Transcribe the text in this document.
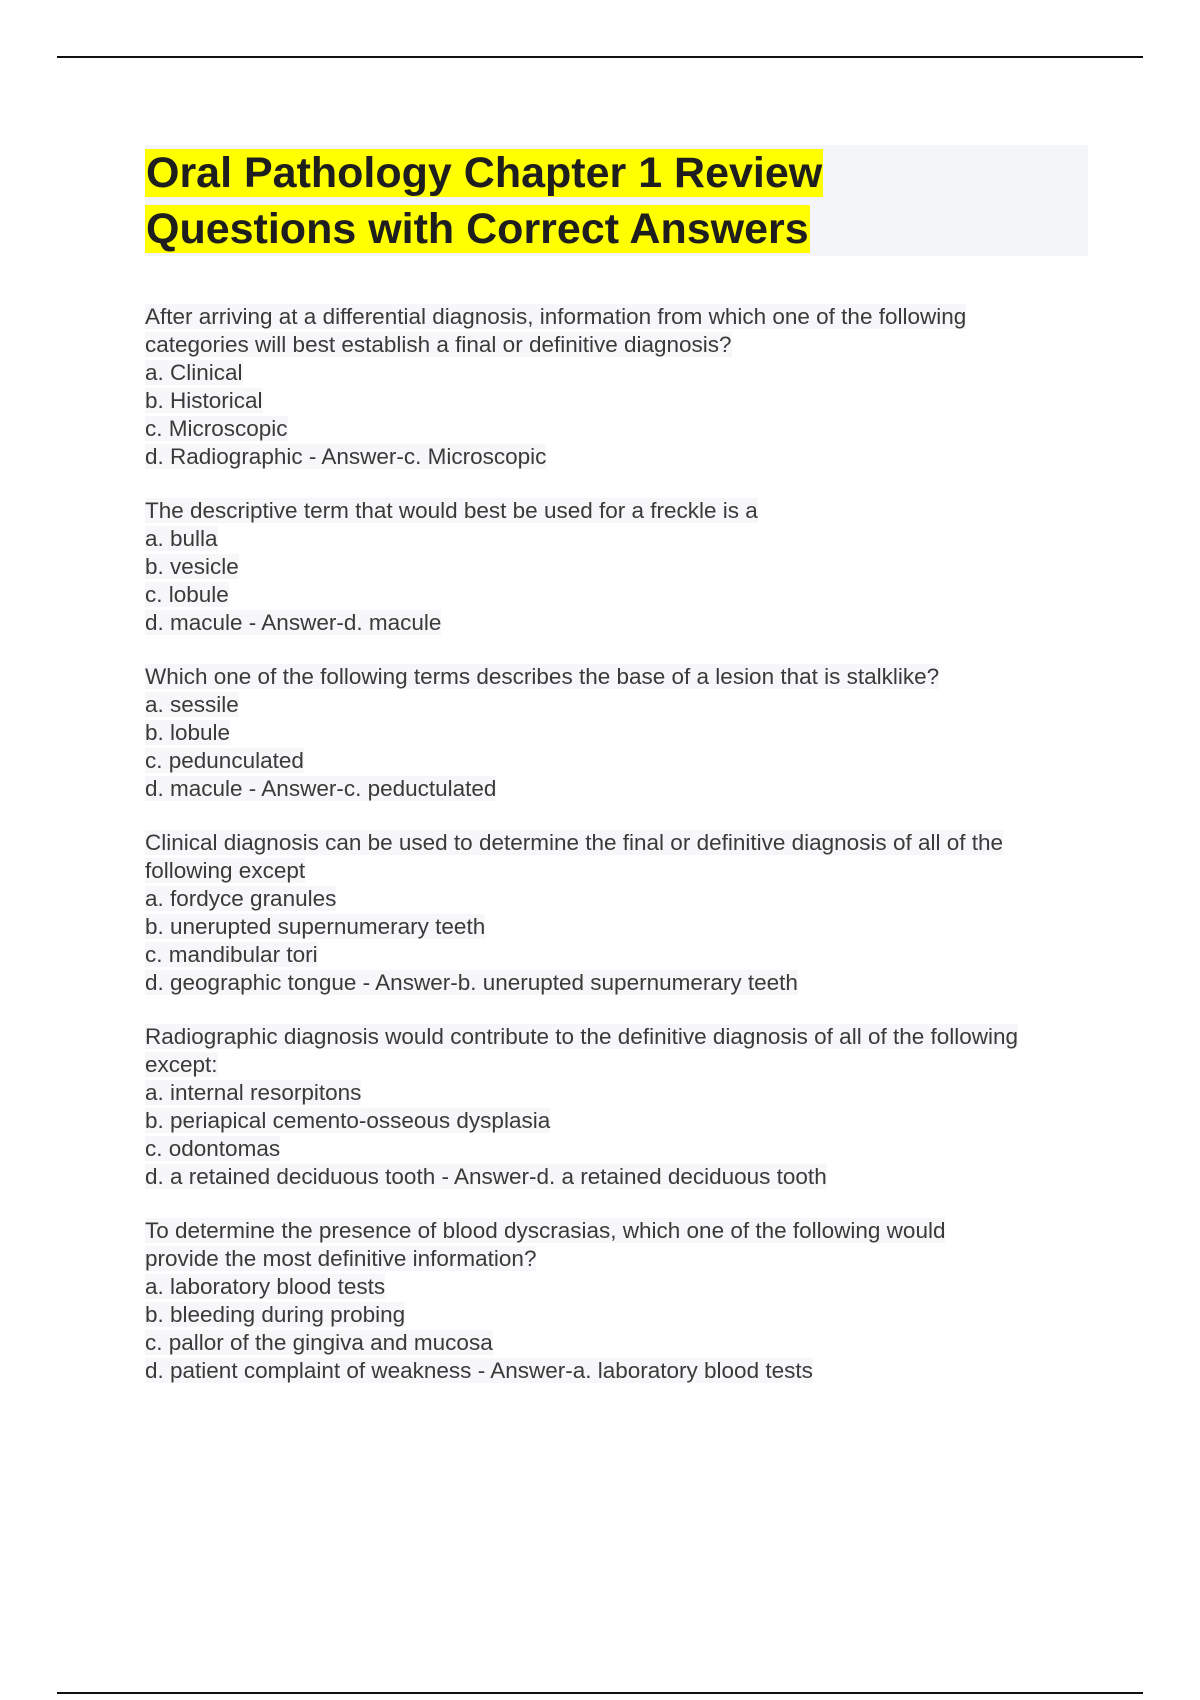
Oral Pathology Chapter 1 Review
Questions with Correct Answers
After arriving at a differential diagnosis, information from which one of the following
categories will best establish a final or definitive diagnosis?
a. Clinical
b. Historical
c. Microscopic
d. Radiographic - Answer-c. Microscopic
The descriptive term that would best be used for a freckle is a
a. bulla
b. vesicle
c. lobule
d. macule - Answer-d. macule
Which one of the following terms describes the base of a lesion that is stalklike?
a. sessile
b. lobule
c. pedunculated
d. macule - Answer-c. peductulated
Clinical diagnosis can be used to determine the final or definitive diagnosis of all of the
following except
a. fordyce granules
b. unerupted supernumerary teeth
c. mandibular tori
d. geographic tongue - Answer-b. unerupted supernumerary teeth
Radiographic diagnosis would contribute to the definitive diagnosis of all of the following
except:
a. internal resorpitons
b. periapical cemento-osseous dysplasia
c. odontomas
d. a retained deciduous tooth - Answer-d. a retained deciduous tooth
To determine the presence of blood dyscrasias, which one of the following would
provide the most definitive information?
a. laboratory blood tests
b. bleeding during probing
c. pallor of the gingiva and mucosa
d. patient complaint of weakness - Answer-a. laboratory blood tests
